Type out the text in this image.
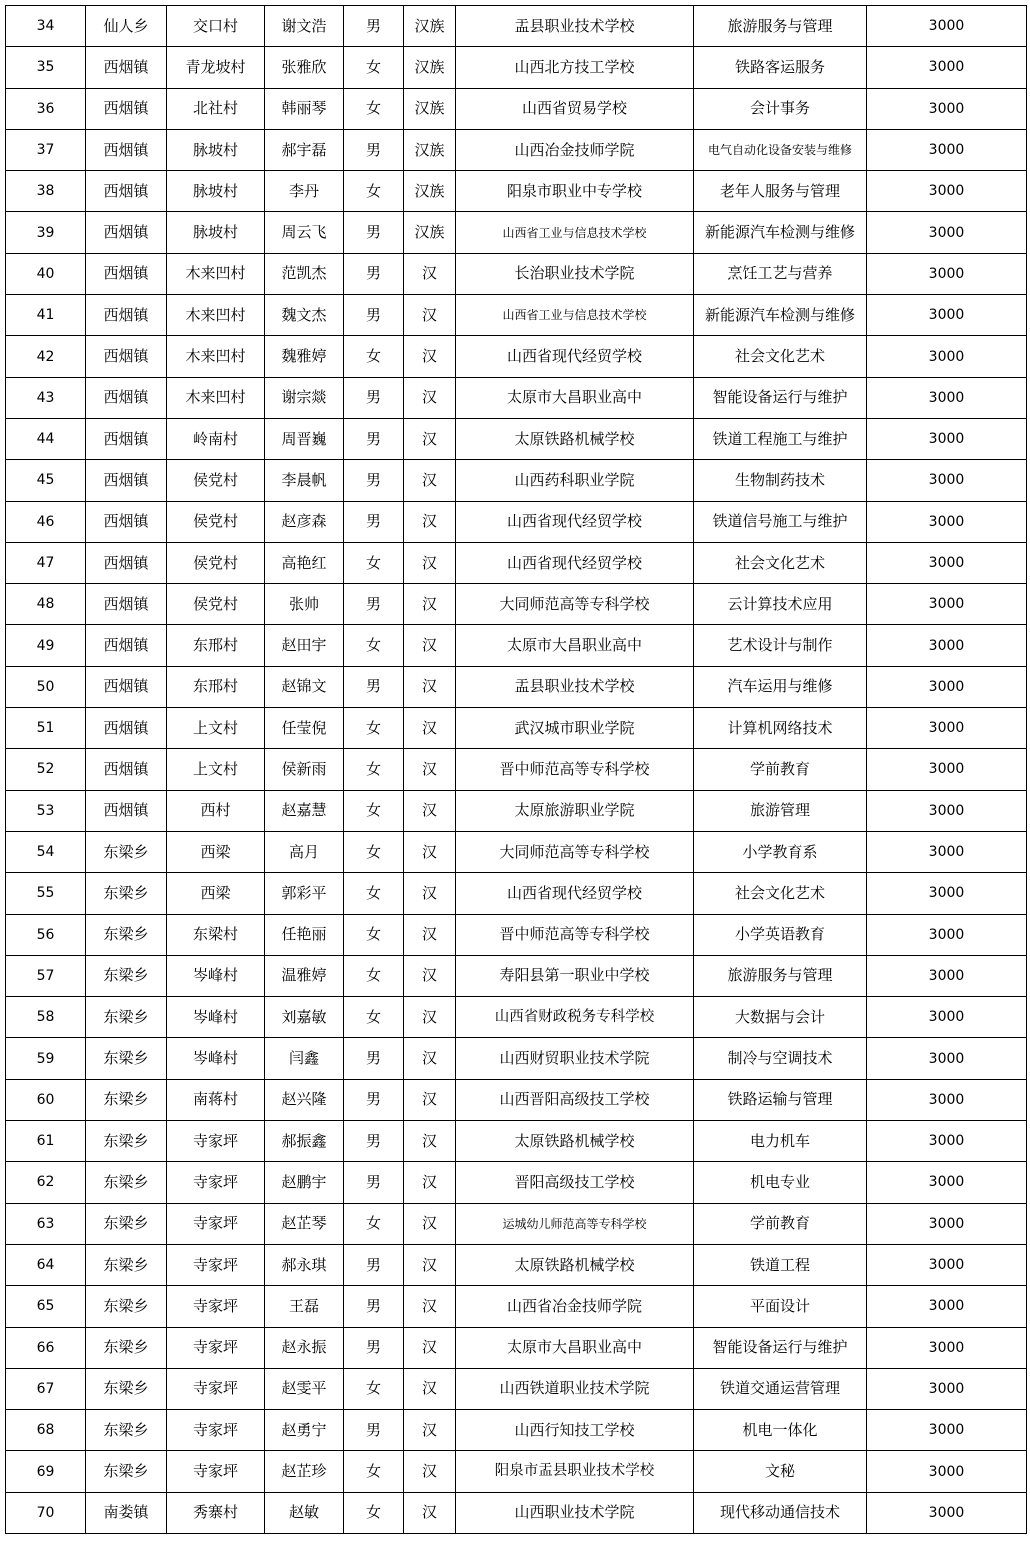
34	仙人乡	交口村	谢文浩	男	汉族	盂县职业技术学校	旅游服务与管理	3000
35	西烟镇	青龙坡村	张雅欣	女	汉族	山西北方技工学校	铁路客运服务	3000
36	西烟镇	北社村	韩丽琴	女	汉族	山西省贸易学校	会计事务	3000
37	西烟镇	脉坡村	郝宇磊	男	汉族	山西冶金技师学院	电气自动化设备安装与维修	3000
38	西烟镇	脉坡村	李丹	女	汉族	阳泉市职业中专学校	老年人服务与管理	3000
39	西烟镇	脉坡村	周云飞	男	汉族	山西省工业与信息技术学校	新能源汽车检测与维修	3000
40	西烟镇	木来凹村	范凯杰	男	汉	长治职业技术学院	烹饪工艺与营养	3000
41	西烟镇	木来凹村	魏文杰	男	汉	山西省工业与信息技术学校	新能源汽车检测与维修	3000
42	西烟镇	木来凹村	魏雅婷	女	汉	山西省现代经贸学校	社会文化艺术	3000
43	西烟镇	木来凹村	谢宗燚	男	汉	太原市大昌职业高中	智能设备运行与维护	3000
44	西烟镇	岭南村	周晋巍	男	汉	太原铁路机械学校	铁道工程施工与维护	3000
45	西烟镇	侯党村	李晨帆	男	汉	山西药科职业学院	生物制药技术	3000
46	西烟镇	侯党村	赵彦森	男	汉	山西省现代经贸学校	铁道信号施工与维护	3000
47	西烟镇	侯党村	高艳红	女	汉	山西省现代经贸学校	社会文化艺术	3000
48	西烟镇	侯党村	张帅	男	汉	大同师范高等专科学校	云计算技术应用	3000
49	西烟镇	东邢村	赵田宇	女	汉	太原市大昌职业高中	艺术设计与制作	3000
50	西烟镇	东邢村	赵锦文	男	汉	盂县职业技术学校	汽车运用与维修	3000
51	西烟镇	上文村	任莹倪	女	汉	武汉城市职业学院	计算机网络技术	3000
52	西烟镇	上文村	侯新雨	女	汉	晋中师范高等专科学校	学前教育	3000
53	西烟镇	西村	赵嘉慧	女	汉	太原旅游职业学院	旅游管理	3000
54	东梁乡	西梁	高月	女	汉	大同师范高等专科学校	小学教育系	3000
55	东梁乡	西梁	郭彩平	女	汉	山西省现代经贸学校	社会文化艺术	3000
56	东梁乡	东梁村	任艳丽	女	汉	晋中师范高等专科学校	小学英语教育	3000
57	东梁乡	岑峰村	温雅婷	女	汉	寿阳县第一职业中学校	旅游服务与管理	3000
58	东梁乡	岑峰村	刘嘉敏	女	汉	山西省财政税务专科学校	大数据与会计	3000
59	东梁乡	岑峰村	闫鑫	男	汉	山西财贸职业技术学院	制冷与空调技术	3000
60	东梁乡	南蒋村	赵兴隆	男	汉	山西晋阳高级技工学校	铁路运输与管理	3000
61	东梁乡	寺家坪	郝振鑫	男	汉	太原铁路机械学校	电力机车	3000
62	东梁乡	寺家坪	赵鹏宇	男	汉	晋阳高级技工学校	机电专业	3000
63	东梁乡	寺家坪	赵芷琴	女	汉	运城幼儿师范高等专科学校	学前教育	3000
64	东梁乡	寺家坪	郝永琪	男	汉	太原铁路机械学校	铁道工程	3000
65	东梁乡	寺家坪	王磊	男	汉	山西省冶金技师学院	平面设计	3000
66	东梁乡	寺家坪	赵永振	男	汉	太原市大昌职业高中	智能设备运行与维护	3000
67	东梁乡	寺家坪	赵雯平	女	汉	山西铁道职业技术学院	铁道交通运营管理	3000
68	东梁乡	寺家坪	赵勇宁	男	汉	山西行知技工学校	机电一体化	3000
69	东梁乡	寺家坪	赵芷珍	女	汉	阳泉市盂县职业技术学校	文秘	3000
70	南娄镇	秀寨村	赵敏	女	汉	山西职业技术学院	现代移动通信技术	3000
